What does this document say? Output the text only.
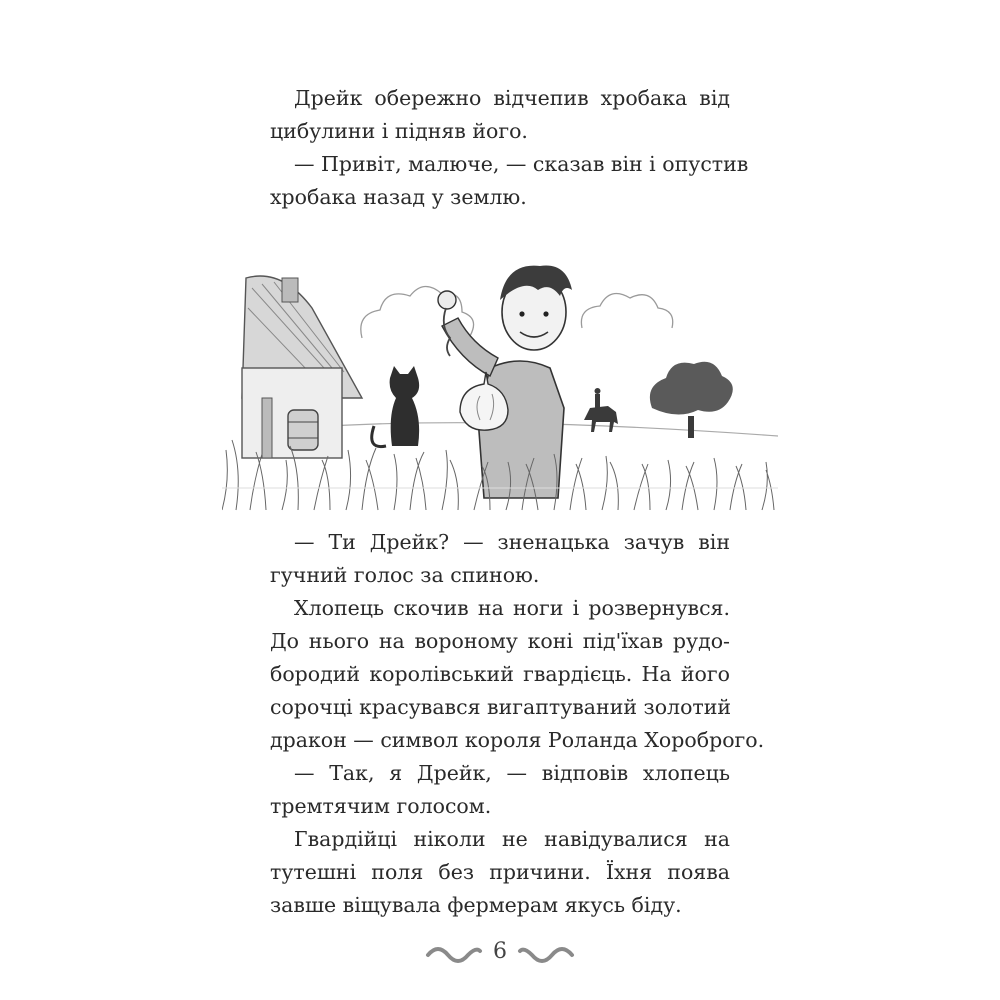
Дрейк обережно відчепив хробака від
цибулини і підняв його.
— Привіт, малюче, — сказав він і опустив
хробака назад у землю.
— Ти Дрейк? — зненацька зачув він
гучний голос за спиною.
Хлопець скочив на ноги і розвернувся.
До нього на вороному коні під'їхав рудо-
бородий королівський гвардієць. На його
сорочці красувався вигаптуваний золотий
дракон — символ короля Роланда Хороброго.
— Так, я Дрейк, — відповів хлопець
тремтячим голосом.
Гвардійці ніколи не навідувалися на
тутешні поля без причини. Їхня поява
завше віщувала фермерам якусь біду.
6
